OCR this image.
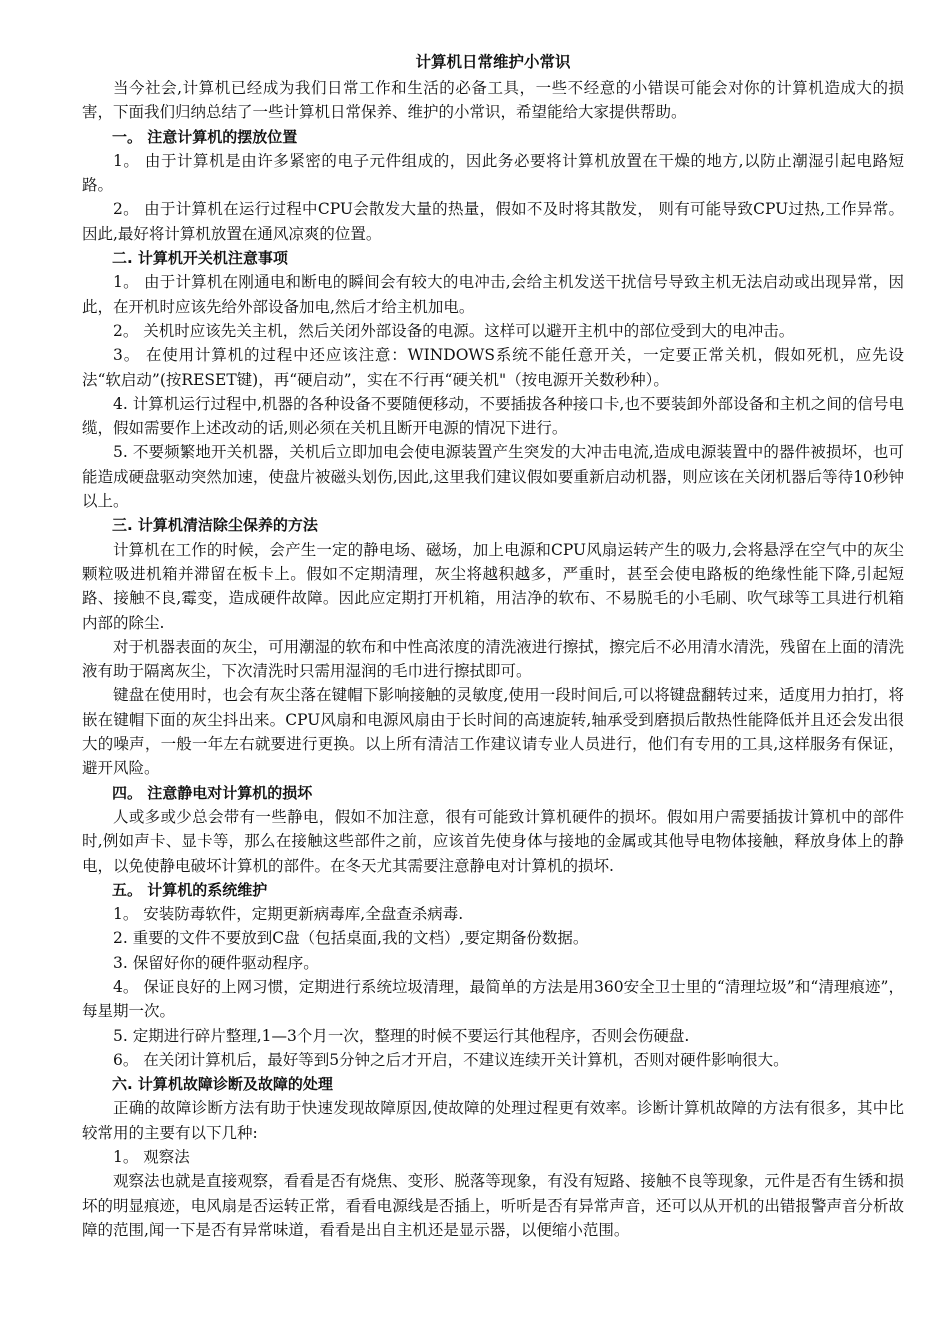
计算机日常维护小常识

当今社会,计算机已经成为我们日常工作和生活的必备工具，一些不经意的小错误可能会对你的计算机造成大的损害，下面我们归纳总结了一些计算机日常保养、维护的小常识，希望能给大家提供帮助。

一。 注意计算机的摆放位置

1。 由于计算机是由许多紧密的电子元件组成的，因此务必要将计算机放置在干燥的地方,以防止潮湿引起电路短路。

2。 由于计算机在运行过程中CPU会散发大量的热量，假如不及时将其散发， 则有可能导致CPU过热,工作异常。因此,最好将计算机放置在通风凉爽的位置。

二. 计算机开关机注意事项

1。 由于计算机在刚通电和断电的瞬间会有较大的电冲击,会给主机发送干扰信号导致主机无法启动或出现异常，因此，在开机时应该先给外部设备加电,然后才给主机加电。

2。 关机时应该先关主机，然后关闭外部设备的电源。这样可以避开主机中的部位受到大的电冲击。

3。 在使用计算机的过程中还应该注意：WINDOWS系统不能任意开关，一定要正常关机，假如死机，应先设法“软启动”(按RESET键)，再“硬启动”，实在不行再“硬关机"（按电源开关数秒种）。

4. 计算机运行过程中,机器的各种设备不要随便移动，不要插拔各种接口卡,也不要装卸外部设备和主机之间的信号电缆，假如需要作上述改动的话,则必须在关机且断开电源的情况下进行。

5. 不要频繁地开关机器，关机后立即加电会使电源装置产生突发的大冲击电流,造成电源装置中的器件被损坏，也可能造成硬盘驱动突然加速，使盘片被磁头划伤,因此,这里我们建议假如要重新启动机器，则应该在关闭机器后等待10秒钟以上。

三. 计算机清洁除尘保养的方法

计算机在工作的时候，会产生一定的静电场、磁场，加上电源和CPU风扇运转产生的吸力,会将悬浮在空气中的灰尘颗粒吸进机箱并滞留在板卡上。假如不定期清理，灰尘将越积越多，严重时，甚至会使电路板的绝缘性能下降,引起短路、接触不良,霉变，造成硬件故障。因此应定期打开机箱，用洁净的软布、不易脱毛的小毛刷、吹气球等工具进行机箱内部的除尘.

对于机器表面的灰尘，可用潮湿的软布和中性高浓度的清洗液进行擦拭，擦完后不必用清水清洗，残留在上面的清洗液有助于隔离灰尘，下次清洗时只需用湿润的毛巾进行擦拭即可。

键盘在使用时，也会有灰尘落在键帽下影响接触的灵敏度,使用一段时间后,可以将键盘翻转过来，适度用力拍打，将嵌在键帽下面的灰尘抖出来。CPU风扇和电源风扇由于长时间的高速旋转,轴承受到磨损后散热性能降低并且还会发出很大的噪声，一般一年左右就要进行更换。以上所有清洁工作建议请专业人员进行，他们有专用的工具,这样服务有保证，避开风险。

四。 注意静电对计算机的损坏

人或多或少总会带有一些静电，假如不加注意，很有可能致计算机硬件的损坏。假如用户需要插拔计算机中的部件时,例如声卡、显卡等，那么在接触这些部件之前，应该首先使身体与接地的金属或其他导电物体接触，释放身体上的静电，以免使静电破坏计算机的部件。在冬天尤其需要注意静电对计算机的损坏.

五。 计算机的系统维护

1。 安装防毒软件，定期更新病毒库,全盘查杀病毒.

2. 重要的文件不要放到C盘（包括桌面,我的文档）,要定期备份数据。

3. 保留好你的硬件驱动程序。

4。 保证良好的上网习惯，定期进行系统垃圾清理，最简单的方法是用360安全卫士里的“清理垃圾”和“清理痕迹”，每星期一次。

5. 定期进行碎片整理,1—3个月一次，整理的时候不要运行其他程序，否则会伤硬盘.

6。 在关闭计算机后，最好等到5分钟之后才开启，不建议连续开关计算机，否则对硬件影响很大。

六. 计算机故障诊断及故障的处理

正确的故障诊断方法有助于快速发现故障原因,使故障的处理过程更有效率。诊断计算机故障的方法有很多，其中比较常用的主要有以下几种:

1。 观察法

观察法也就是直接观察，看看是否有烧焦、变形、脱落等现象，有没有短路、接触不良等现象，元件是否有生锈和损坏的明显痕迹，电风扇是否运转正常，看看电源线是否插上，听听是否有异常声音，还可以从开机的出错报警声音分析故障的范围,闻一下是否有异常味道，看看是出自主机还是显示器，以便缩小范围。
